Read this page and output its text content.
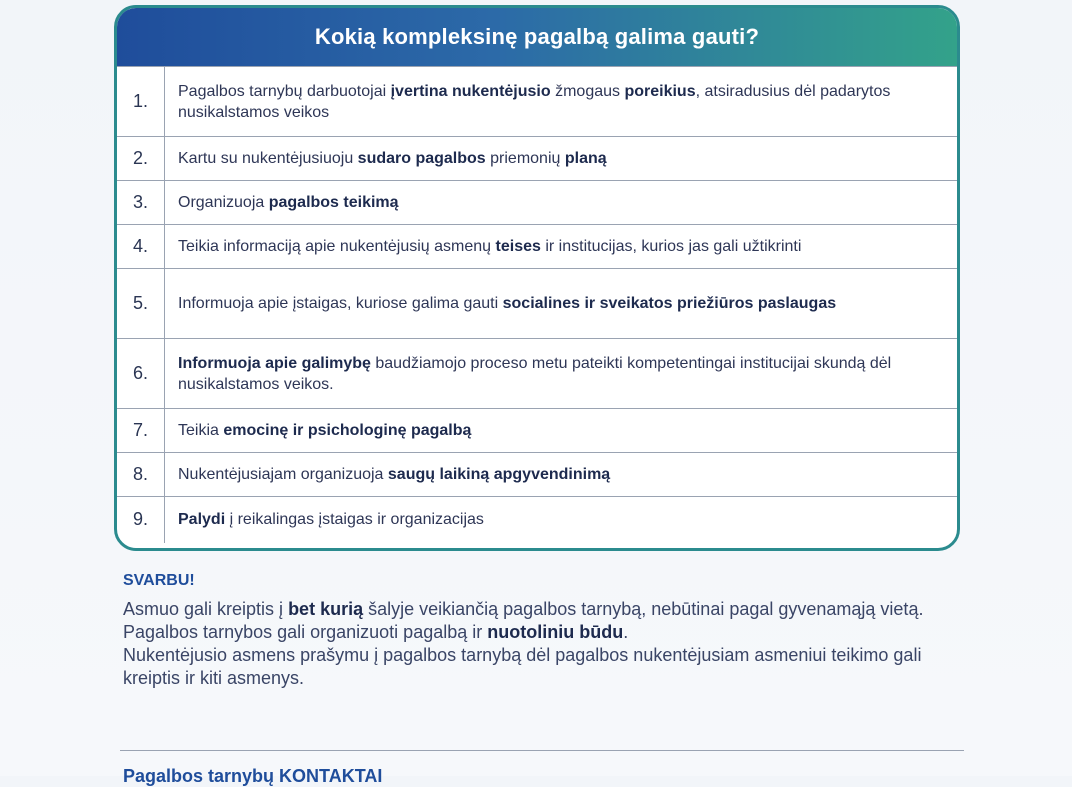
Kokią kompleksinę pagalbą galima gauti?
1.	Pagalbos tarnybų darbuotojai įvertina nukentėjusio žmogaus poreikius, atsiradusius dėl padarytos nusikalstamos veikos
2.	Kartu su nukentėjusiuoju sudaro pagalbos priemonių planą
3.	Organizuoja pagalbos teikimą
4.	Teikia informaciją apie nukentėjusių asmenų teises ir institucijas, kurios jas gali užtikrinti
5.	Informuoja apie įstaigas, kuriose galima gauti socialines ir sveikatos priežiūros paslaugas
6.	Informuoja apie galimybę baudžiamojo proceso metu pateikti kompetentingai institucijai skundą dėl nusikalstamos veikos.
7.	Teikia emocinę ir psichologinę pagalbą
8.	Nukentėjusiajam organizuoja saugų laikiną apgyvendinimą
9.	Palydi į reikalingas įstaigas ir organizacijas
SVARBU!

Asmuo gali kreiptis į bet kurią šalyje veikiančią pagalbos tarnybą, nebūtinai pagal gyvenamąją vietą.

Pagalbos tarnybos gali organizuoti pagalbą ir nuotoliniu būdu.

Nukentėjusio asmens prašymu į pagalbos tarnybą dėl pagalbos nukentėjusiam asmeniui teikimo gali kreiptis ir kiti asmenys.

Pagalbos tarnybų KONTAKTAI
